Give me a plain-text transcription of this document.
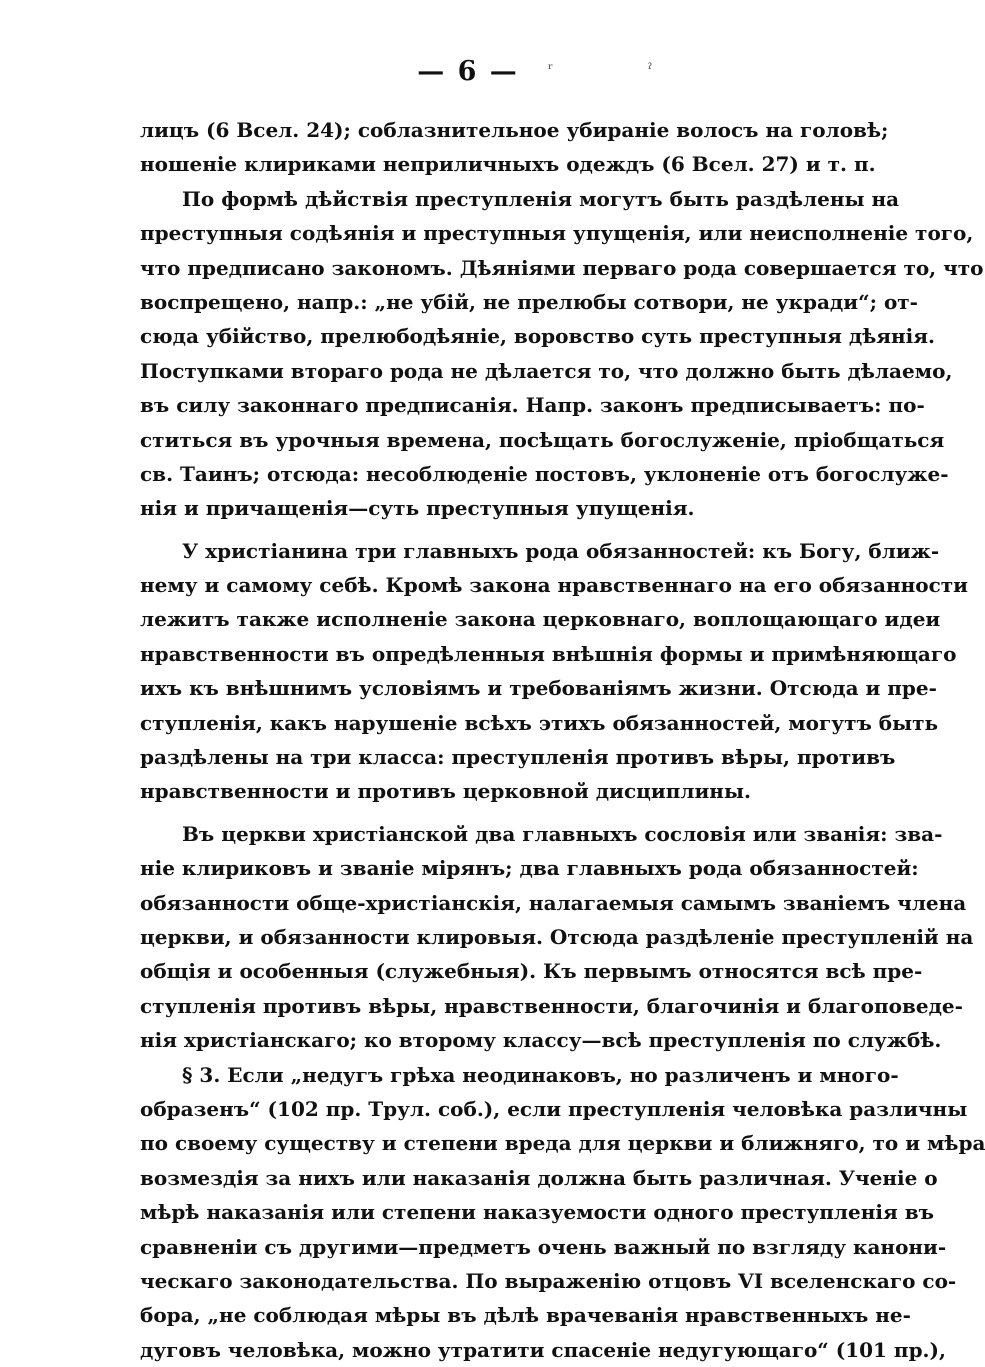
— 6 — ʳ	ˀ
лицъ (6 Всел. 24); соблазнительное убираніе волосъ на головѣ;
ношеніе клириками неприличныхъ одеждъ (6 Всел. 27) и т. п.
По формѣ дѣйствія преступленія могутъ быть раздѣлены на
преступныя содѣянія и преступныя упущенія, или неисполненіе того,
что предписано закономъ. Дѣяніями перваго рода совершается то, что
воспрещено, напр.: „не убій, не прелюбы сотвори, не укради“; от-
сюда убійство, прелюбодѣяніе, воровство суть преступныя дѣянія.
Поступками втораго рода не дѣлается то, что должно быть дѣлаемо,
въ силу законнаго предписанія. Напр. законъ предписываетъ: по-
ститься въ урочныя времена, посѣщать богослуженіе, пріобщаться
св. Таинъ; отсюда: несоблюденіе постовъ, уклоненіе отъ богослуже-
нія и причащенія—суть преступныя упущенія.
У христіанина три главныхъ рода обязанностей: къ Богу, ближ-
нему и самому себѣ. Кромѣ закона нравственнаго на его обязанности
лежитъ также исполненіе закона церковнаго, воплощающаго идеи
нравственности въ опредѣленныя внѣшнія формы и примѣняющаго
ихъ къ внѣшнимъ условіямъ и требованіямъ жизни. Отсюда и пре-
ступленія, какъ нарушеніе всѣхъ этихъ обязанностей, могутъ быть
раздѣлены на три класса: преступленія противъ вѣры, противъ
нравственности и противъ церковной дисциплины.
Въ церкви христіанской два главныхъ сословія или званія: зва-
ніе клириковъ и званіе мірянъ; два главныхъ рода обязанностей:
обязанности обще-христіанскія, налагаемыя самымъ званіемъ члена
церкви, и обязанности клировыя. Отсюда раздѣленіе преступленій на
общія и особенныя (служебныя). Къ первымъ относятся всѣ пре-
ступленія противъ вѣры, нравственности, благочинія и благоповеде-
нія христіанскаго; ко второму классу—всѣ преступленія по службѣ.
§ 3. Если „недугъ грѣха неодинаковъ, но различенъ и много-
образенъ“ (102 пр. Трул. соб.), если преступленія человѣка различны
по своему существу и степени вреда для церкви и ближняго, то и мѣра
возмездія за нихъ или наказанія должна быть различная. Ученіе о
мѣрѣ наказанія или степени наказуемости одного преступленія въ
сравненіи съ другими—предметъ очень важный по взгляду канони-
ческаго законодательства. По выраженію отцовъ VI вселенскаго со-
бора, „не соблюдая мѣры въ дѣлѣ врачеванія нравственныхъ не-
дуговъ человѣка, можно утратити спасеніе недугующаго“ (101 пр.),
